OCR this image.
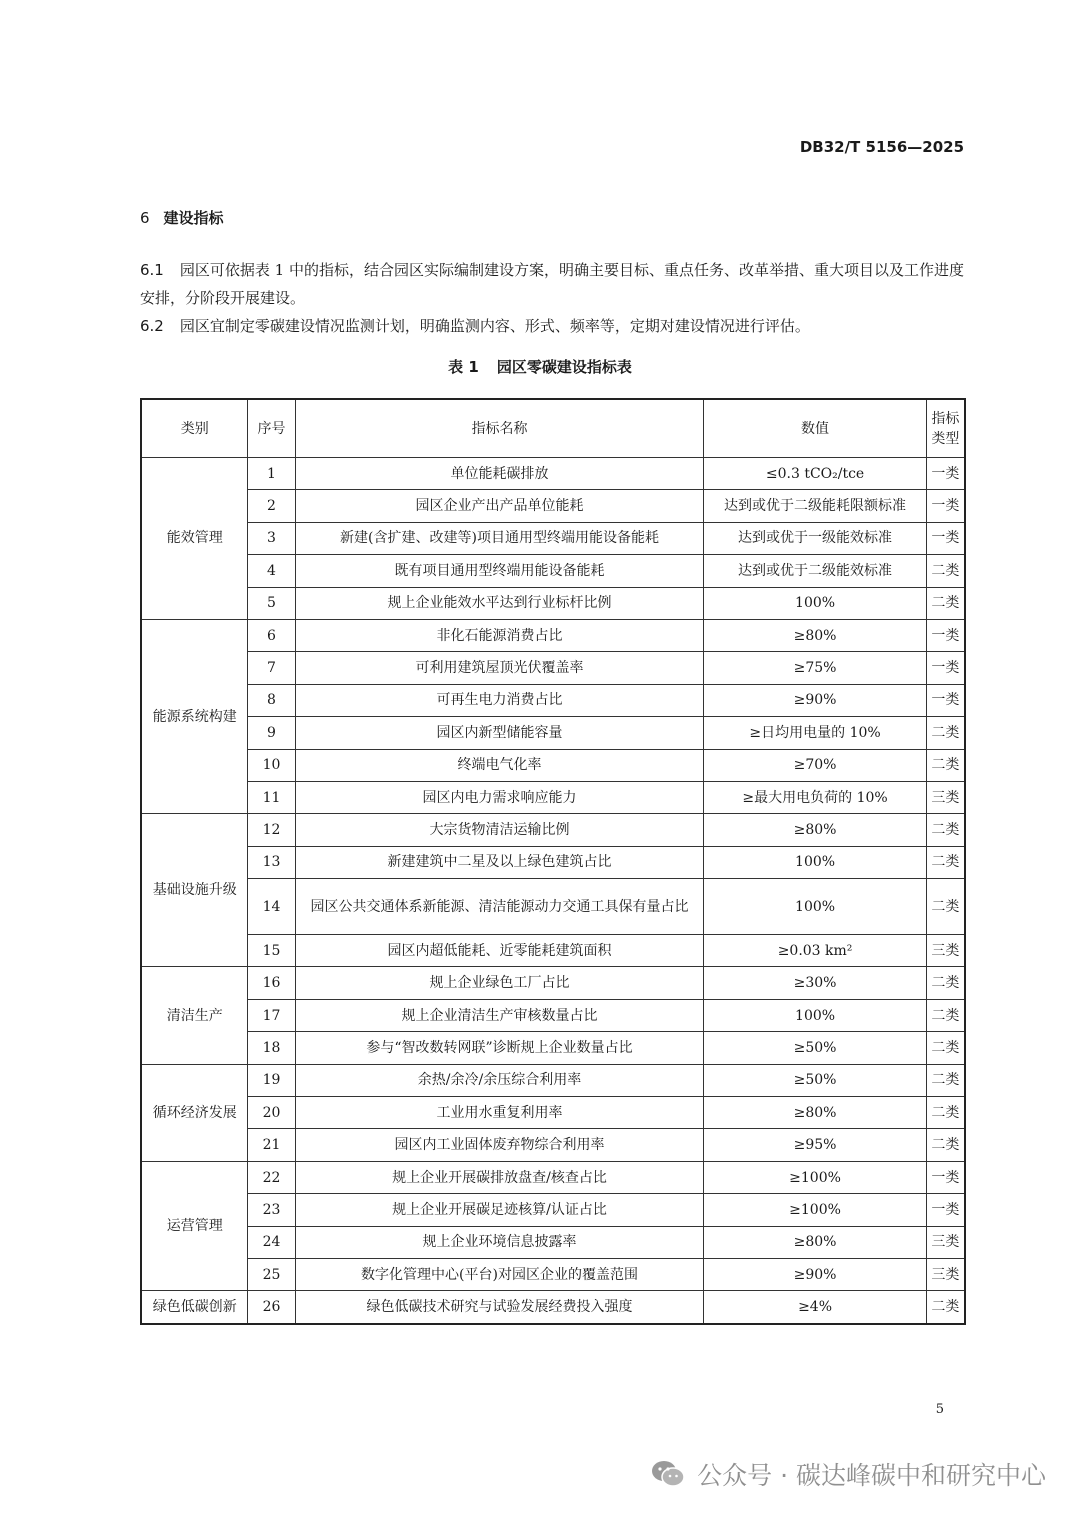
DB32/T 5156—2025
6 建设指标
6.1 园区可依据表 1 中的指标，结合园区实际编制建设方案，明确主要目标、重点任务、改革举措、重大项目以及工作进度安排，分阶段开展建设。
6.2 园区宜制定零碳建设情况监测计划，明确监测内容、形式、频率等，定期对建设情况进行评估。
表 1 园区零碳建设指标表
类别	序号	指标名称	数值	指标类型
能效管理	1	单位能耗碳排放	≤0.3 tCO₂/tce	一类
	2	园区企业产出产品单位能耗	达到或优于二级能耗限额标准	一类
	3	新建(含扩建、改建等)项目通用型终端用能设备能耗	达到或优于一级能效标准	一类
	4	既有项目通用型终端用能设备能耗	达到或优于二级能效标准	二类
	5	规上企业能效水平达到行业标杆比例	100%	二类
能源系统构建	6	非化石能源消费占比	≥80%	一类
	7	可利用建筑屋顶光伏覆盖率	≥75%	一类
	8	可再生电力消费占比	≥90%	一类
	9	园区内新型储能容量	≥日均用电量的 10%	二类
	10	终端电气化率	≥70%	二类
	11	园区内电力需求响应能力	≥最大用电负荷的 10%	三类
基础设施升级	12	大宗货物清洁运输比例	≥80%	二类
	13	新建建筑中二星及以上绿色建筑占比	100%	二类
	14	园区公共交通体系新能源、清洁能源动力交通工具保有量占比	100%	二类
	15	园区内超低能耗、近零能耗建筑面积	≥0.03 km²	三类
清洁生产	16	规上企业绿色工厂占比	≥30%	二类
	17	规上企业清洁生产审核数量占比	100%	二类
	18	参与“智改数转网联”诊断规上企业数量占比	≥50%	二类
循环经济发展	19	余热/余冷/余压综合利用率	≥50%	二类
	20	工业用水重复利用率	≥80%	二类
	21	园区内工业固体废弃物综合利用率	≥95%	二类
运营管理	22	规上企业开展碳排放盘查/核查占比	≥100%	一类
	23	规上企业开展碳足迹核算/认证占比	≥100%	一类
	24	规上企业环境信息披露率	≥80%	三类
	25	数字化管理中心(平台)对园区企业的覆盖范围	≥90%	三类
绿色低碳创新	26	绿色低碳技术研究与试验发展经费投入强度	≥4%	二类
5
公众号 · 碳达峰碳中和研究中心
